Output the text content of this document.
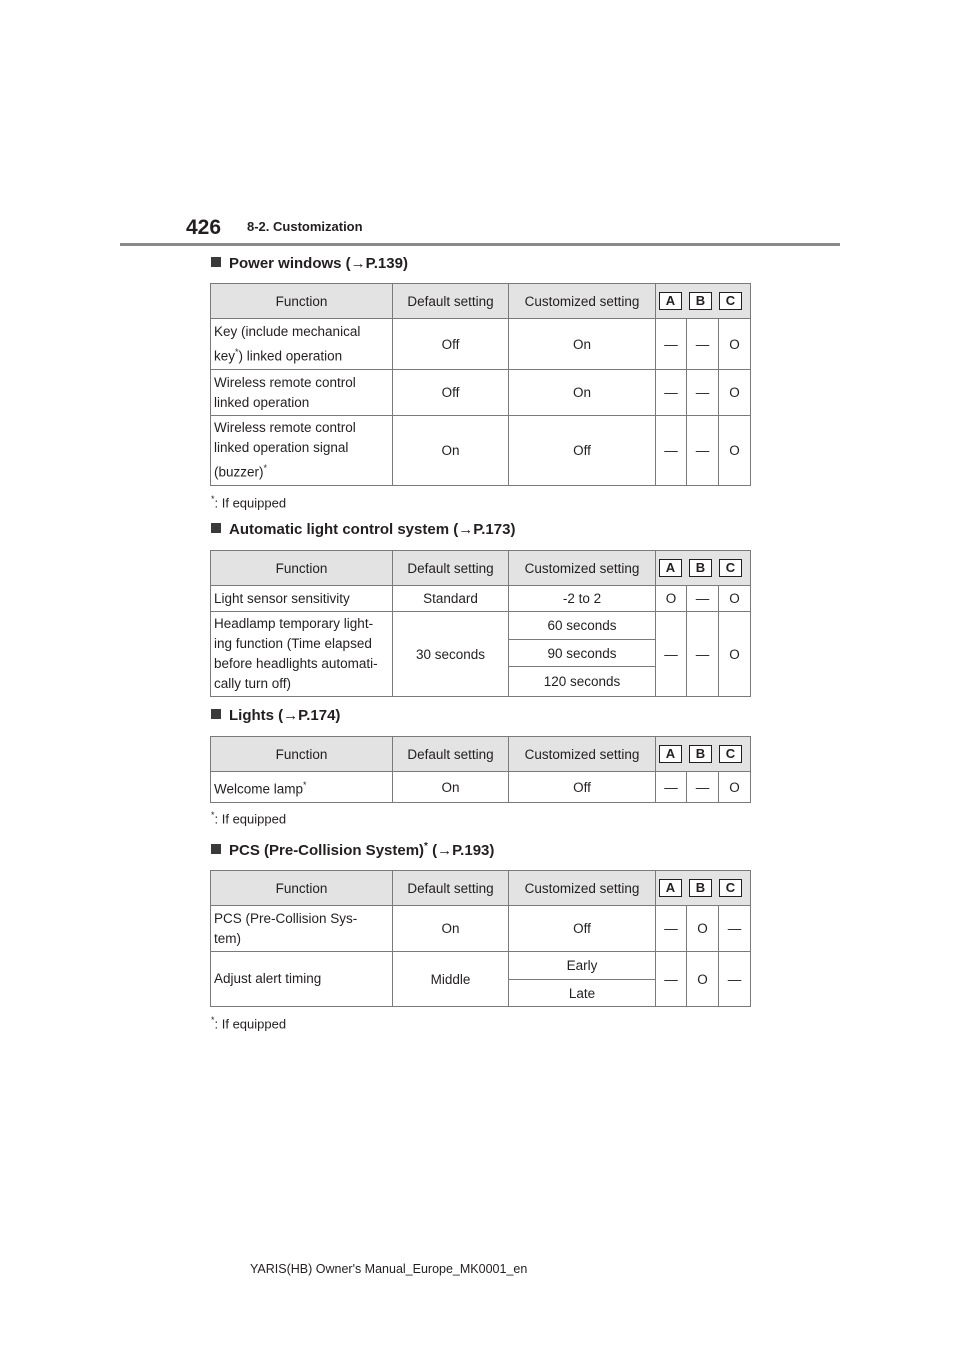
426 8-2. Customization
Power windows (→P.139)
Function	Default setting	Customized setting	A B C		

Key (include mechanical
key*) linked operation	Off	On	—	—	O
Wireless remote control
linked operation	Off	On	—	—	O
Wireless remote control
linked operation signal
(buzzer)*	On	Off	—	—	O
*: If equipped
Automatic light control system (→P.173)
Function	Default setting	Customized setting	A B C		

Light sensor sensitivity	Standard	-2 to 2	O	—	O
Headlamp temporary light-
ing function (Time elapsed
before headlights automati-
cally turn off)	30 seconds	60 seconds	—	—	O
		90 seconds			
		120 seconds			
Lights (→P.174)
Function	Default setting	Customized setting	A B C		

Welcome lamp*	On	Off	—	—	O
*: If equipped
PCS (Pre-Collision System)* (→P.193)
Function	Default setting	Customized setting	A B C		

PCS (Pre-Collision Sys-
tem)	On	Off	—	O	—
Adjust alert timing	Middle	Early	—	O	—
		Late			
*: If equipped
YARIS(HB) Owner's Manual_Europe_MK0001_en
